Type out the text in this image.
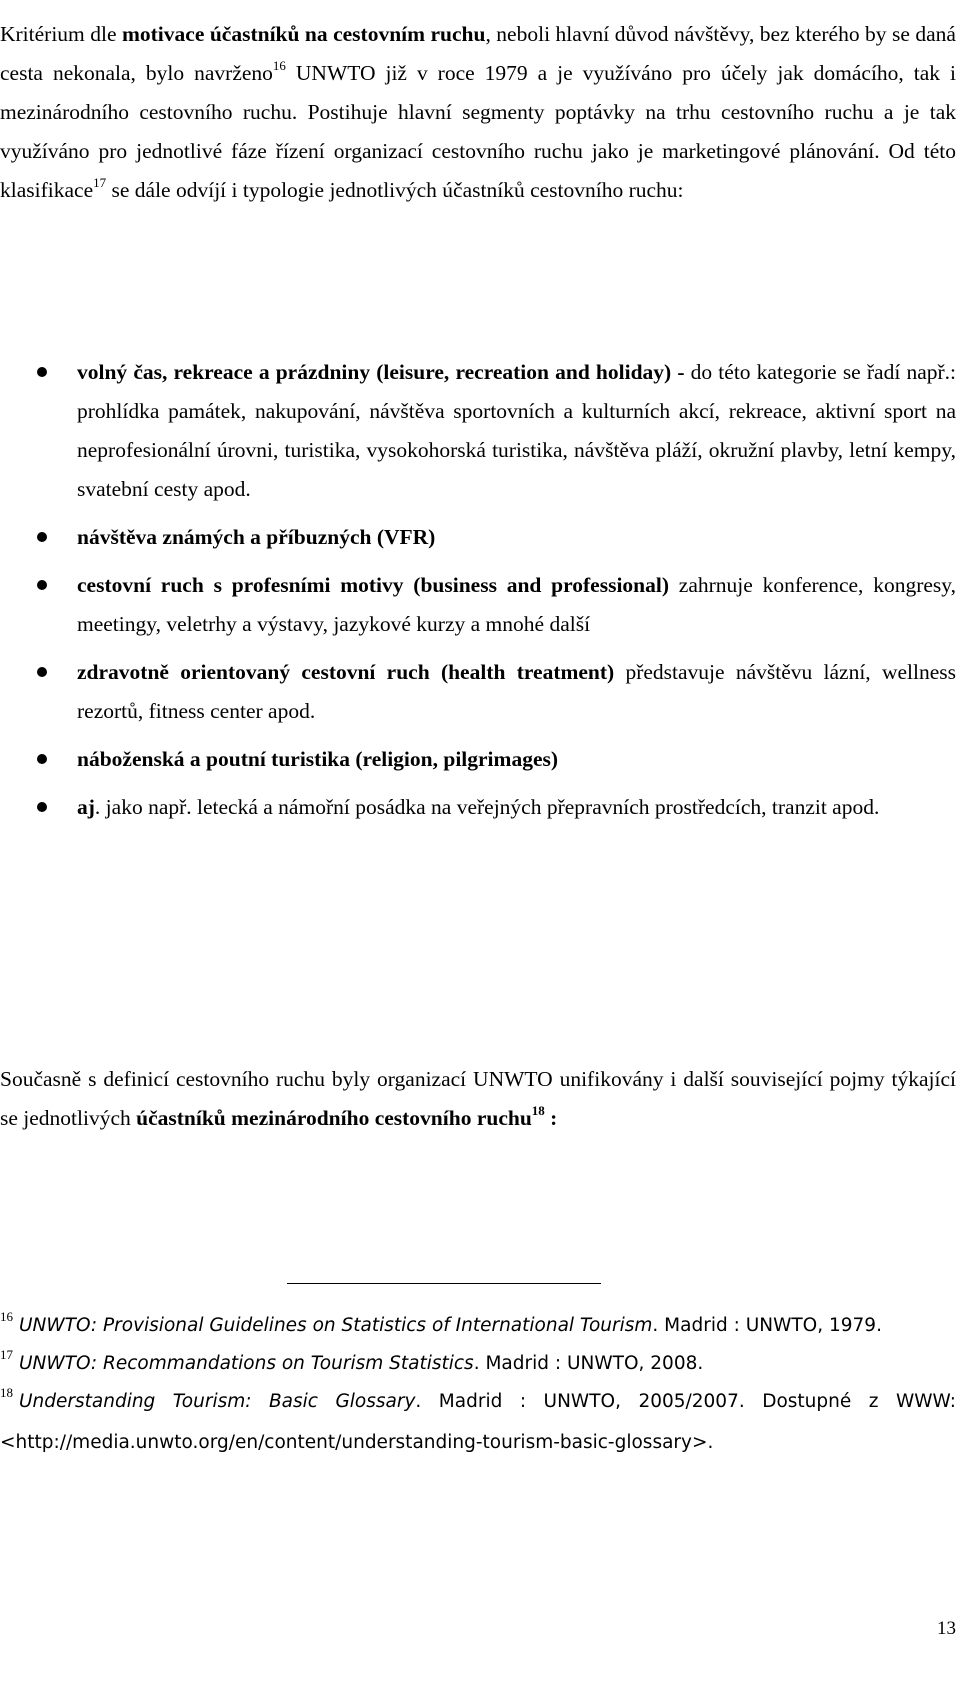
Kritérium dle motivace účastníků na cestovním ruchu, neboli hlavní důvod návštěvy, bez kterého by se daná cesta nekonala, bylo navrženo$^{16}$ UNWTO již v roce 1979 a je využíváno pro účely jak domácího, tak i mezinárodního cestovního ruchu. Postihuje hlavní segmenty poptávky na trhu cestovního ruchu a je tak využíváno pro jednotlivé fáze řízení organizací cestovního ruchu jako je marketingové plánování. Od této klasifikace$^{17}$ se dále odvíjí i typologie jednotlivých účastníků cestovního ruchu:

volný čas, rekreace a prázdniny (leisure, recreation and holiday) - do této kategorie se řadí např.: prohlídka památek, nakupování, návštěva sportovních a kulturních akcí, rekreace, aktivní sport na neprofesionální úrovni, turistika, vysokohorská turistika, návštěva pláží, okružní plavby, letní kempy, svatební cesty apod.
návštěva známých a příbuzných (VFR)
cestovní ruch s profesními motivy (business and professional) zahrnuje konference, kongresy, meetingy, veletrhy a výstavy, jazykové kurzy a mnohé další
zdravotně orientovaný cestovní ruch (health treatment) představuje návštěvu lázní, wellness rezortů, fitness center apod.
náboženská a poutní turistika (religion, pilgrimages)
aj. jako např. letecká a námořní posádka na veřejných přepravních prostředcích, tranzit apod.

Současně s definicí cestovního ruchu byly organizací UNWTO unifikovány i další související pojmy týkající se jednotlivých účastníků mezinárodního cestovního ruchu$^{18}$ :

$^{16}$ UNWTO: Provisional Guidelines on Statistics of International Tourism. Madrid : UNWTO, 1979.

$^{17}$ UNWTO: Recommandations on Tourism Statistics. Madrid : UNWTO, 2008.

$^{18}$ Understanding Tourism: Basic Glossary. Madrid : UNWTO, 2005/2007. Dostupné z WWW: <http://media.unwto.org/en/content/understanding-tourism-basic-glossary>.

13
